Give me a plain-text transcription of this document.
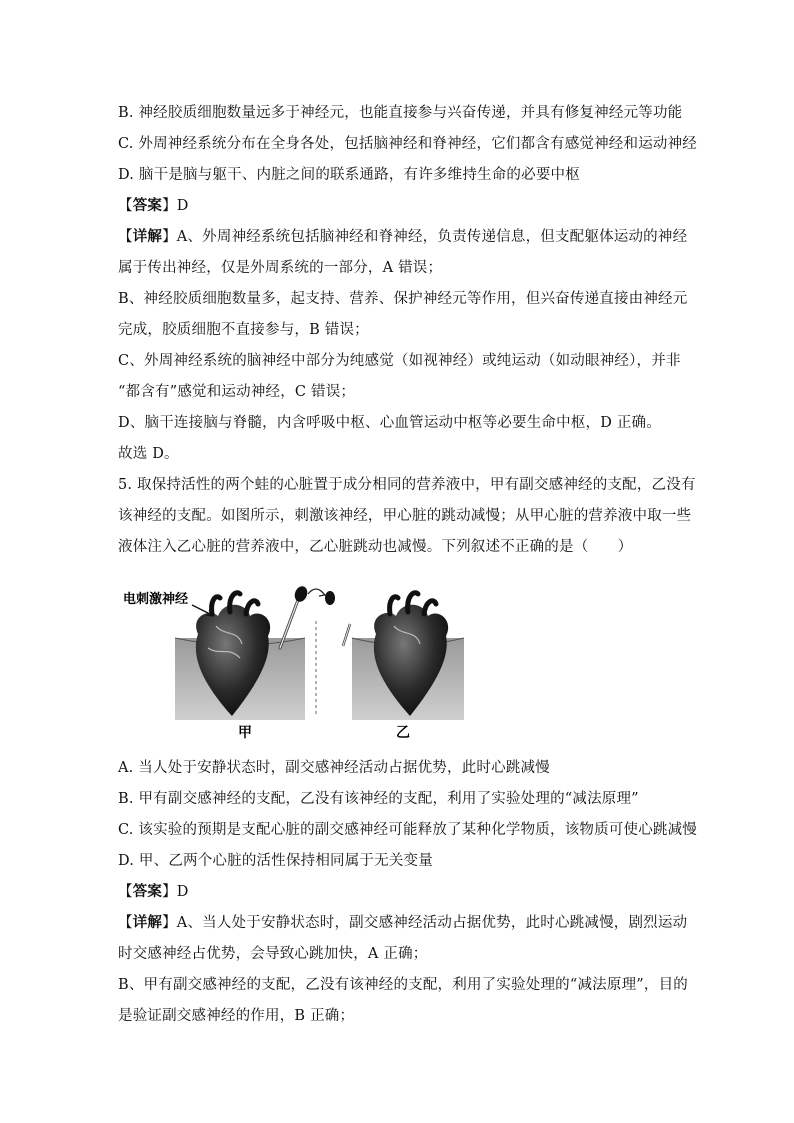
B. 神经胶质细胞数量远多于神经元，也能直接参与兴奋传递，并具有修复神经元等功能
C. 外周神经系统分布在全身各处，包括脑神经和脊神经，它们都含有感觉神经和运动神经
D. 脑干是脑与躯干、内脏之间的联系通路，有许多维持生命的必要中枢
【答案】D
【详解】A、外周神经系统包括脑神经和脊神经，负责传递信息，但支配躯体运动的神经
属于传出神经，仅是外周系统的一部分，A 错误；
B、神经胶质细胞数量多，起支持、营养、保护神经元等作用，但兴奋传递直接由神经元
完成，胶质细胞不直接参与，B 错误；
C、外周神经系统的脑神经中部分为纯感觉（如视神经）或纯运动（如动眼神经），并非
“都含有”感觉和运动神经，C 错误；
D、脑干连接脑与脊髓，内含呼吸中枢、心血管运动中枢等必要生命中枢，D 正确。
故选 D。
5. 取保持活性的两个蛙的心脏置于成分相同的营养液中，甲有副交感神经的支配，乙没有
该神经的支配。如图所示，刺激该神经，甲心脏的跳动减慢；从甲心脏的营养液中取一些
液体注入乙心脏的营养液中，乙心脏跳动也减慢。下列叙述不正确的是（　　）
电刺激神经
甲	乙
A. 当人处于安静状态时，副交感神经活动占据优势，此时心跳减慢
B. 甲有副交感神经的支配，乙没有该神经的支配，利用了实验处理的“减法原理”
C. 该实验的预期是支配心脏的副交感神经可能释放了某种化学物质，该物质可使心跳减慢
D. 甲、乙两个心脏的活性保持相同属于无关变量
【答案】D
【详解】A、当人处于安静状态时，副交感神经活动占据优势，此时心跳减慢，剧烈运动
时交感神经占优势，会导致心跳加快，A 正确；
B、甲有副交感神经的支配，乙没有该神经的支配，利用了实验处理的“减法原理”，目的
是验证副交感神经的作用，B 正确；
